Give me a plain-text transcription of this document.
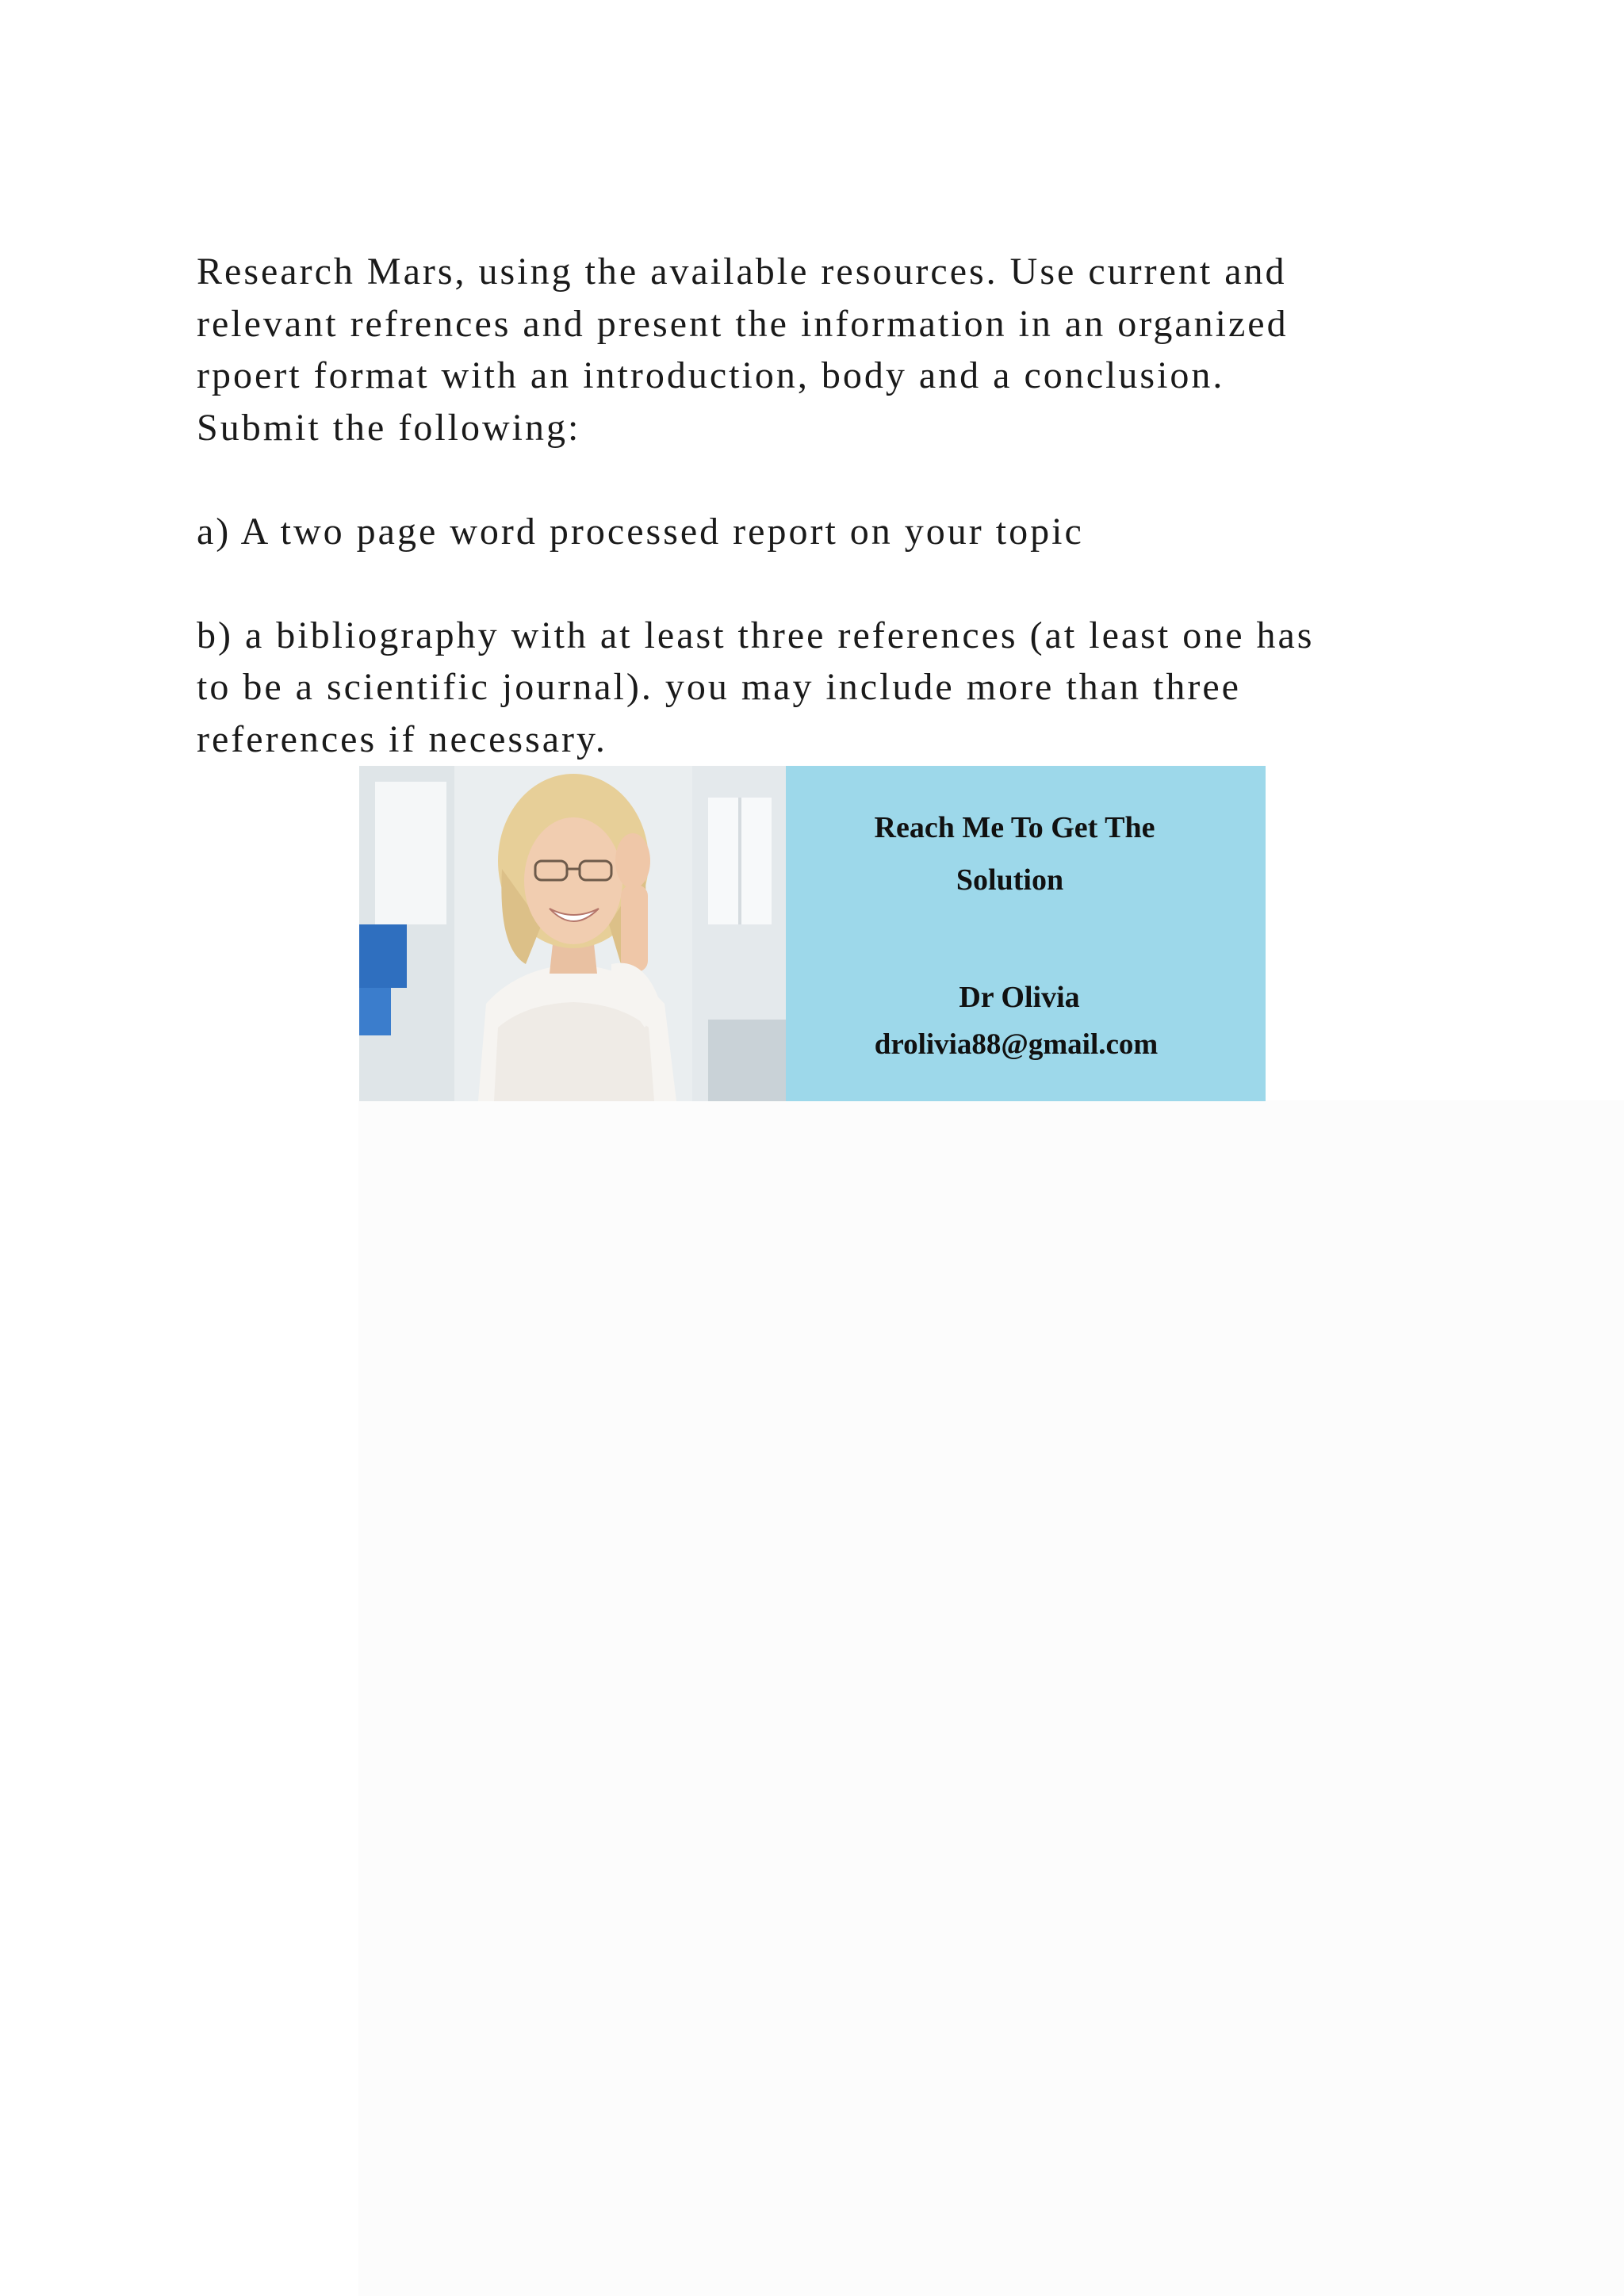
Research Mars, using the available resources. Use current and

relevant refrences and present the information in an organized

rpoert format with an introduction, body and a conclusion.

Submit the following:

a) A two page word processed report on your topic

b) a bibliography with at least three references (at least one has

to be a scientific journal). you may include more than three

references if necessary.

Reach Me To Get The
Solution
Dr Olivia
drolivia88@gmail.com
